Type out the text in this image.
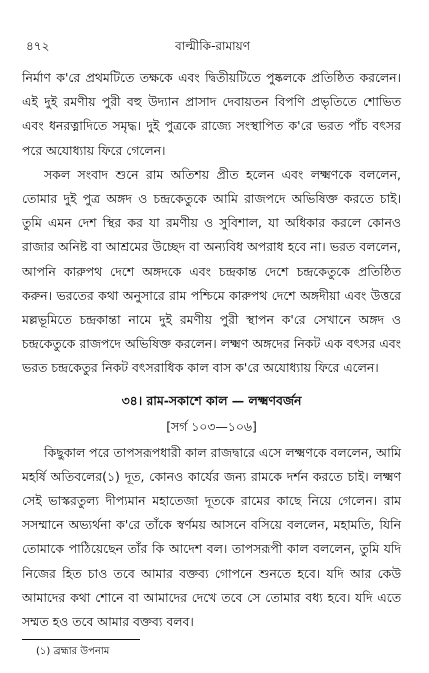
৪৭২	বাল্মীকি-রামায়ণ

নির্মাণ ক'রে প্রথমটিতে তক্ষকে এবং দ্বিতীয়টিতে পুষ্কলকে প্রতিষ্ঠিত করলেন। এই দুই রমণীয় পুরী বহু উদ্যান প্রাসাদ দেবায়তন বিপণি প্রভৃতিতে শোভিত এবং ধনরত্নাদিতে সমৃদ্ধ। দুই পুত্রকে রাজ্যে সংস্থাপিত ক'রে ভরত পাঁচ বৎসর পরে অযোধ্যায় ফিরে গেলেন।

সকল সংবাদ শুনে রাম অতিশয় প্রীত হলেন এবং লক্ষ্মণকে বললেন, তোমার দুই পুত্র অঙ্গদ ও চন্দ্রকেতুকে আমি রাজপদে অভিষিক্ত করতে চাই। তুমি এমন দেশ স্থির কর যা রমণীয় ও সুবিশাল, যা অধিকার করলে কোনও রাজার অনিষ্ট বা আশ্রমের উচ্ছেদ বা অন্যবিধ অপরাধ হবে না। ভরত বললেন, আপনি কারুপথ দেশে অঙ্গদকে এবং চন্দ্রকান্ত দেশে চন্দ্রকেতুকে প্রতিষ্ঠিত করুন। ভরতের কথা অনুসারে রাম পশ্চিমে কারুপথ দেশে অঙ্গদীয়া এবং উত্তরে মল্লভূমিতে চন্দ্রকান্তা নামে দুই রমণীয় পুরী স্থাপন ক'রে সেখানে অঙ্গদ ও চন্দ্রকেতুকে রাজপদে অভিষিক্ত করলেন। লক্ষ্মণ অঙ্গদের নিকট এক বৎসর এবং ভরত চন্দ্রকেতুর নিকট বৎসরাধিক কাল বাস ক'রে অযোধ্যায় ফিরে এলেন।

৩৪। রাম-সকাশে কাল — লক্ষ্মণবর্জন
[সর্গ ১০৩—১০৬]

কিছুকাল পরে তাপসরূপধারী কাল রাজদ্বারে এসে লক্ষ্মণকে বললেন, আমি মহর্ষি অতিবলের(১) দূত, কোনও কার্যের জন্য রামকে দর্শন করতে চাই। লক্ষ্মণ সেই ভাস্করতুল্য দীপ্যমান মহাতেজা দূতকে রামের কাছে নিয়ে গেলেন। রাম সসম্মানে অভ্যর্থনা ক'রে তাঁকে স্বর্ণময় আসনে বসিয়ে বললেন, মহামতি, যিনি তোমাকে পাঠিয়েছেন তাঁর কি আদেশ বল। তাপসরূপী কাল বললেন, তুমি যদি নিজের হিত চাও তবে আমার বক্তব্য গোপনে শুনতে হবে। যদি আর কেউ আমাদের কথা শোনে বা আমাদের দেখে তবে সে তোমার বধ্য হবে। যদি এতে সম্মত হও তবে আমার বক্তব্য বলব।

(১) ব্রহ্মার উপনাম
